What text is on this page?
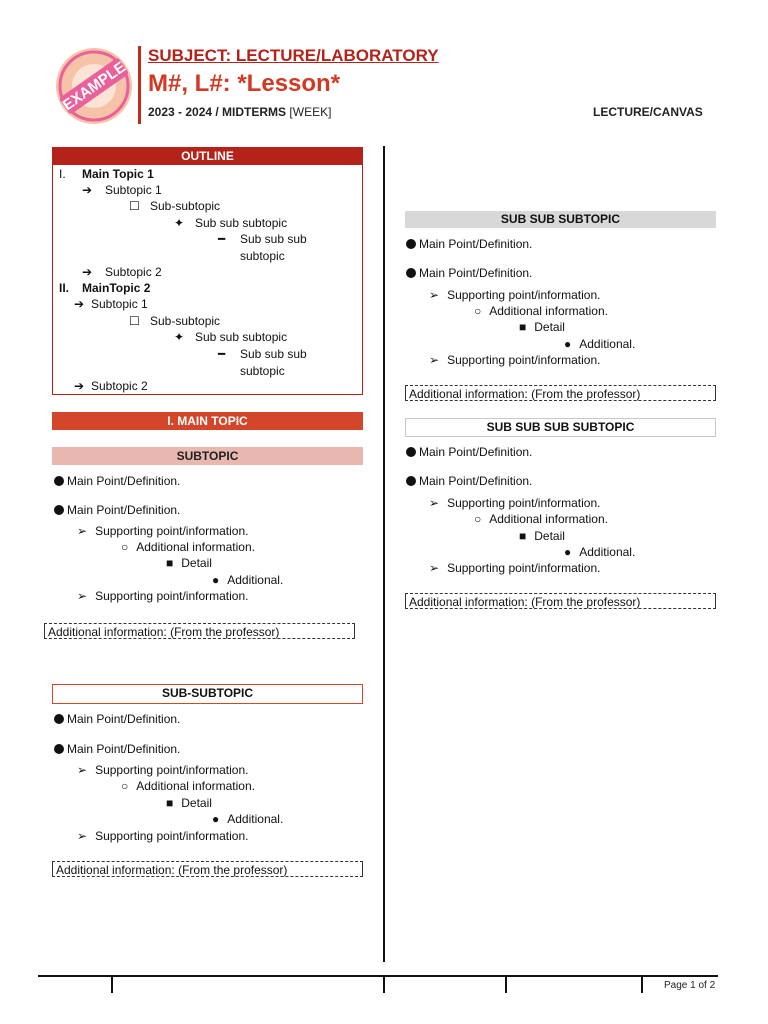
EXAMPLE
SUBJECT: LECTURE/LABORATORY
M#, L#: *Lesson*
2023 - 2024 / MIDTERMS [WEEK]	LECTURE/CANVAS
OUTLINE
I. Main Topic 1
➔ Subtopic 1
☐ Sub-subtopic
✦ Sub sub subtopic
━ Sub sub sub
subtopic
➔ Subtopic 2
II. MainTopic 2
➔ Subtopic 1
☐ Sub-subtopic
✦ Sub sub subtopic
━ Sub sub sub
subtopic
➔ Subtopic 2
I. MAIN TOPIC
SUBTOPIC
Main Point/Definition.
Main Point/Definition.
➢ Supporting point/information.
○ Additional information.
■ Detail
● Additional.
➢ Supporting point/information.
Additional information: (From the professor)
SUB-SUBTOPIC
Main Point/Definition.
Main Point/Definition.
➢ Supporting point/information.
○ Additional information.
■ Detail
● Additional.
➢ Supporting point/information.
Additional information: (From the professor)
SUB SUB SUBTOPIC
Main Point/Definition.
Main Point/Definition.
➢ Supporting point/information.
○ Additional information.
■ Detail
● Additional.
➢ Supporting point/information.
Additional information: (From the professor)
SUB SUB SUB SUBTOPIC
Main Point/Definition.
Main Point/Definition.
➢ Supporting point/information.
○ Additional information.
■ Detail
● Additional.
➢ Supporting point/information.
Additional information: (From the professor)
Page 1 of 2
